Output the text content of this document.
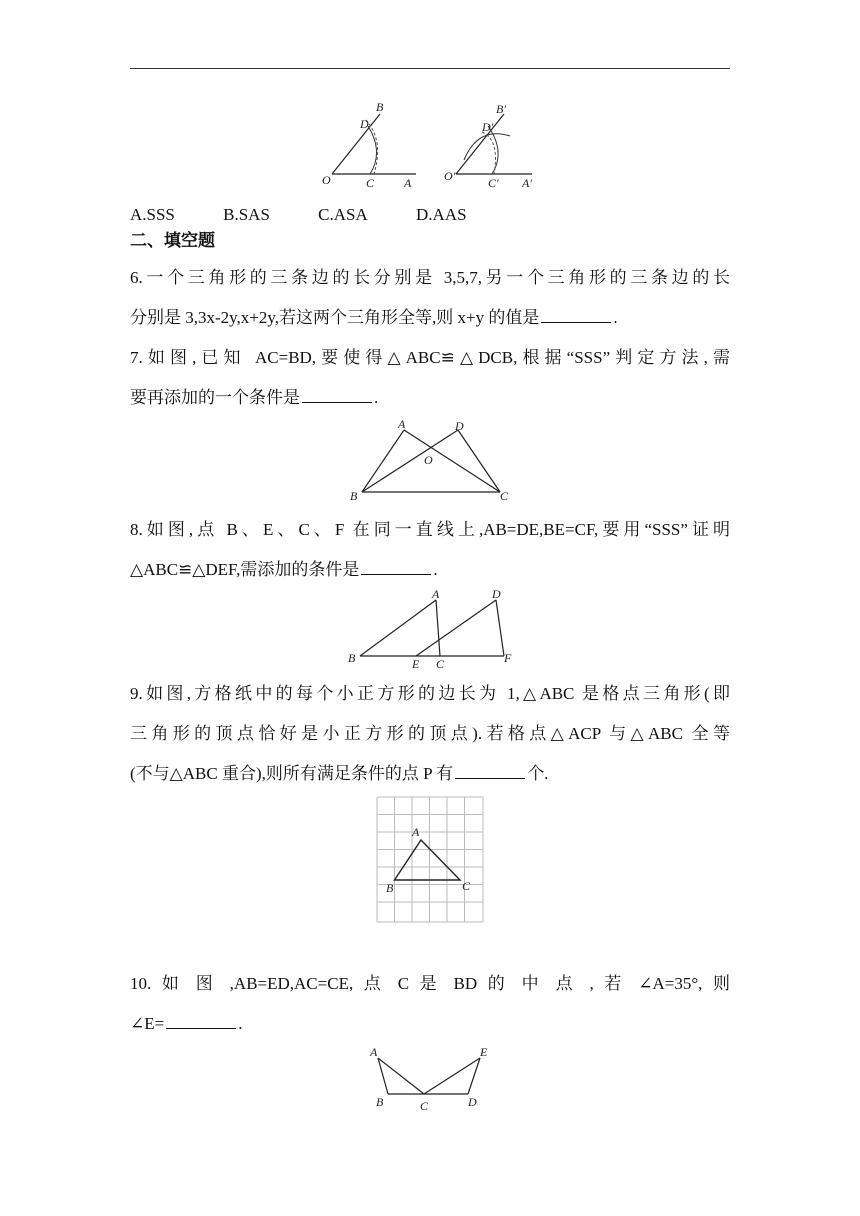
O	C A
D
B
O′	C′ A′
D′
B′
A.SSS	B.SAS	C.ASA	D.AAS
二、填空题
6.一个三角形的三条边的长分别是 3,5,7,另一个三角形的三条边的长
分别是 3,3x-2y,x+2y,若这两个三角形全等,则 x+y 的值是	.
7.如图,已知 AC=BD,要使得△ABC≌△DCB,根据“SSS”判定方法,需
要再添加的一个条件是	.
A	D
O
B	C
8.如图,点 B、E、C、F 在同一直线上,AB=DE,BE=CF,要用“SSS”证明
△ABC≌△DEF,需添加的条件是	.
A	D
B	E C	F
9.如图,方格纸中的每个小正方形的边长为 1,△ABC 是格点三角形(即
三角形的顶点恰好是小正方形的顶点).若格点△ACP 与△ABC 全等
(不与△ABC 重合),则所有满足条件的点 P 有	个.
A
B	C
10. 如 图 ,AB=ED,AC=CE, 点 C 是 BD 的 中 点 , 若 ∠A=35°, 则
∠E=	.
A	E
B	C	D
